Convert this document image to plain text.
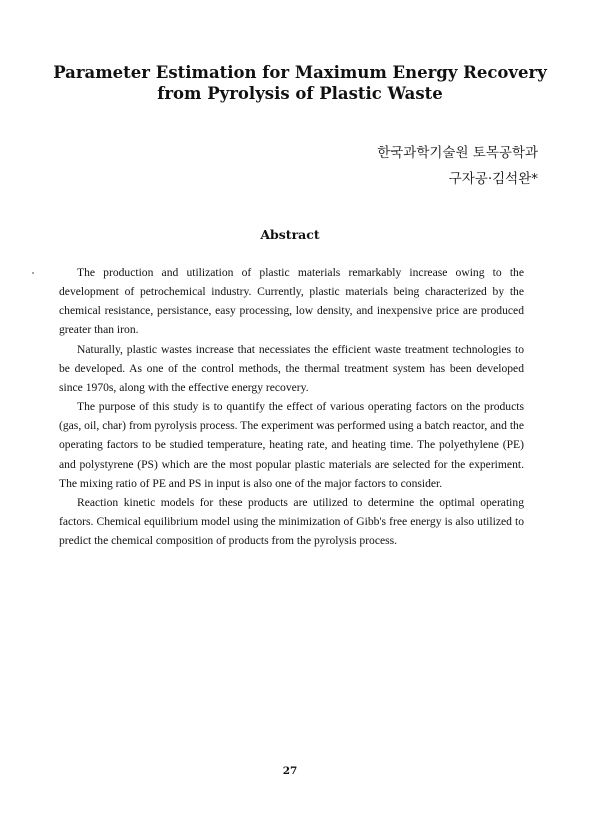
Parameter Estimation for Maximum Energy Recovery
from Pyrolysis of Plastic Waste
한국과학기술원 토목공학과
구자공·김석완*
Abstract

The production and utilization of plastic materials remarkably increase owing to the development of petrochemical industry. Currently, plastic materials being characterized by the chemical resistance, persistance, easy processing, low density, and inexpensive price are produced greater than iron.

Naturally, plastic wastes increase that necessiates the efficient waste treatment technologies to be developed. As one of the control methods, the thermal treatment system has been developed since 1970s, along with the effective energy recovery.

The purpose of this study is to quantify the effect of various operating factors on the products (gas, oil, char) from pyrolysis process. The experiment was performed using a batch reactor, and the operating factors to be studied temperature, heating rate, and heating time. The polyethylene (PE) and polystyrene (PS) which are the most popular plastic materials are selected for the experiment. The mixing ratio of PE and PS in input is also one of the major factors to consider.

Reaction kinetic models for these products are utilized to determine the optimal operating factors. Chemical equilibrium model using the minimization of Gibb's free energy is also utilized to predict the chemical composition of products from the pyrolysis process.

27
